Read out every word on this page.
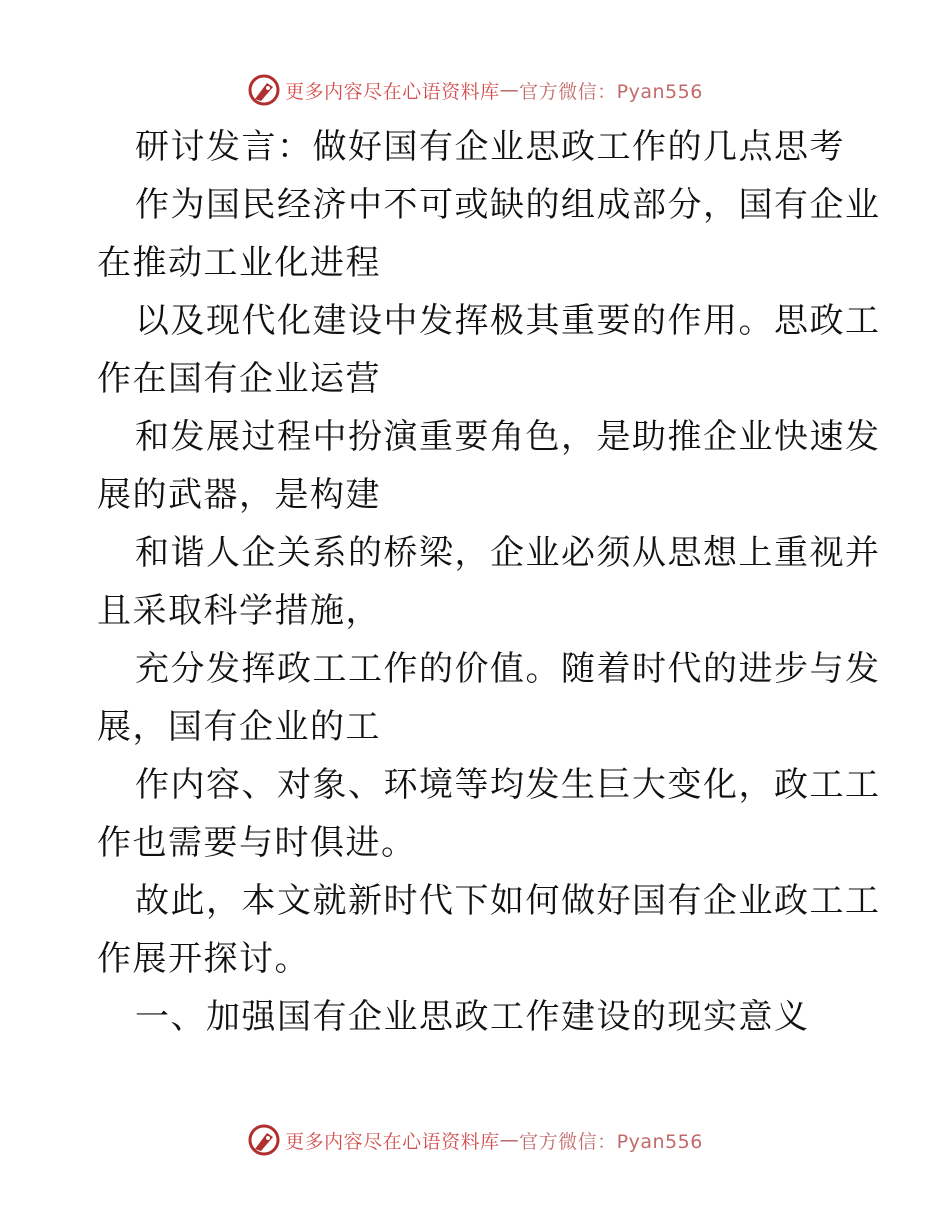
更多内容尽在心语资料库 — 官方微信：Pyan556
研讨发言：做好国有企业思政工作的几点思考
作为国民经济中不可或缺的组成部分，国有企业
在推动工业化进程
以及现代化建设中发挥极其重要的作用。思政工
作在国有企业运营
和发展过程中扮演重要角色，是助推企业快速发
展的武器，是构建
和谐人企关系的桥梁，企业必须从思想上重视并
且采取科学措施，
充分发挥政工工作的价值。随着时代的进步与发
展，国有企业的工
作内容、对象、环境等均发生巨大变化，政工工
作也需要与时俱进。
故此，本文就新时代下如何做好国有企业政工工
作展开探讨。
一、加强国有企业思政工作建设的现实意义
更多内容尽在心语资料库 — 官方微信：Pyan556
